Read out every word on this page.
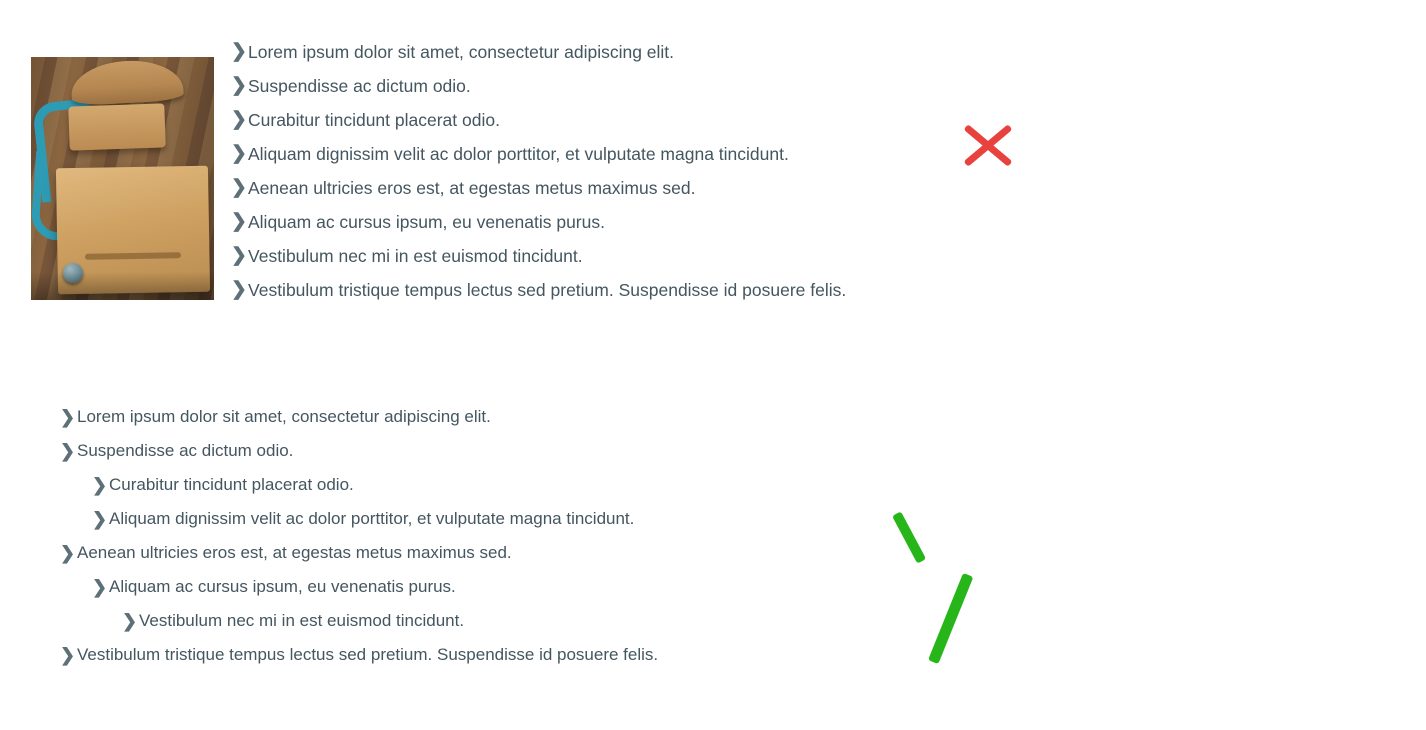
❯ Lorem ipsum dolor sit amet, consectetur adipiscing elit.
❯ Suspendisse ac dictum odio.
❯ Curabitur tincidunt placerat odio.
❯ Aliquam dignissim velit ac dolor porttitor, et vulputate magna tincidunt.
❯ Aenean ultricies eros est, at egestas metus maximus sed.
❯ Aliquam ac cursus ipsum, eu venenatis purus.
❯ Vestibulum nec mi in est euismod tincidunt.
❯ Vestibulum tristique tempus lectus sed pretium. Suspendisse id posuere felis.
❯ Lorem ipsum dolor sit amet, consectetur adipiscing elit.
❯ Suspendisse ac dictum odio.
❯ Curabitur tincidunt placerat odio.
❯ Aliquam dignissim velit ac dolor porttitor, et vulputate magna tincidunt.
❯ Aenean ultricies eros est, at egestas metus maximus sed.
❯ Aliquam ac cursus ipsum, eu venenatis purus.
❯ Vestibulum nec mi in est euismod tincidunt.
❯ Vestibulum tristique tempus lectus sed pretium. Suspendisse id posuere felis.
